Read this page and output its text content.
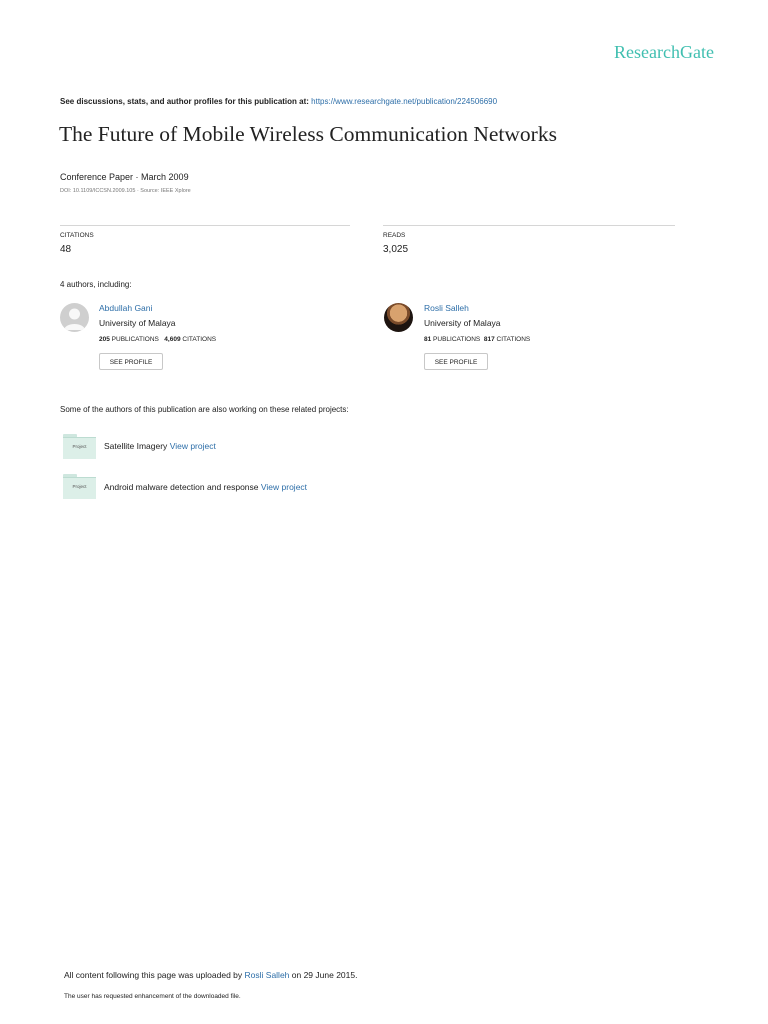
ResearchGate
See discussions, stats, and author profiles for this publication at: https://www.researchgate.net/publication/224506690
The Future of Mobile Wireless Communication Networks
Conference Paper · March 2009
DOI: 10.1109/ICCSN.2009.105 · Source: IEEE Xplore
CITATIONS
48
READS
3,025
4 authors, including:
Abdullah Gani
University of Malaya
205 PUBLICATIONS 4,609 CITATIONS
SEE PROFILE
Rosli Salleh
University of Malaya
81 PUBLICATIONS 817 CITATIONS
SEE PROFILE
Some of the authors of this publication are also working on these related projects:
Project	Satellite Imagery View project
Project	Android malware detection and response View project
All content following this page was uploaded by Rosli Salleh on 29 June 2015.
The user has requested enhancement of the downloaded file.
